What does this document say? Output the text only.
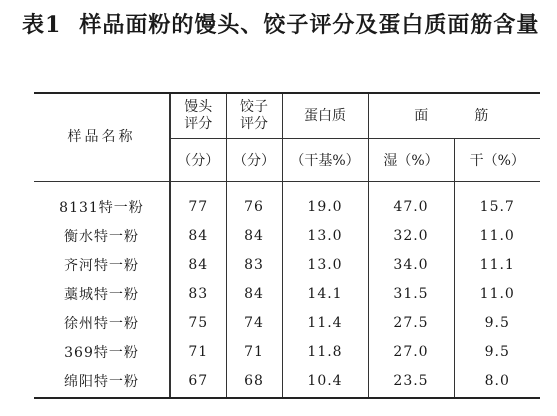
表1 样品面粉的馒头、饺子评分及蛋白质面筋含量
样品名称	馒头评分	饺子评分	蛋白质	面　　筋	
	（分）	（分）	（干基%）	湿（%）	干（%）
8131特一粉	77	76	19.0	47.0	15.7
衡水特一粉	84	84	13.0	32.0	11.0
齐河特一粉	84	83	13.0	34.0	11.1
藁城特一粉	83	84	14.1	31.5	11.0
徐州特一粉	75	74	11.4	27.5	9.5
369特一粉	71	71	11.8	27.0	9.5
绵阳特一粉	67	68	10.4	23.5	8.0
